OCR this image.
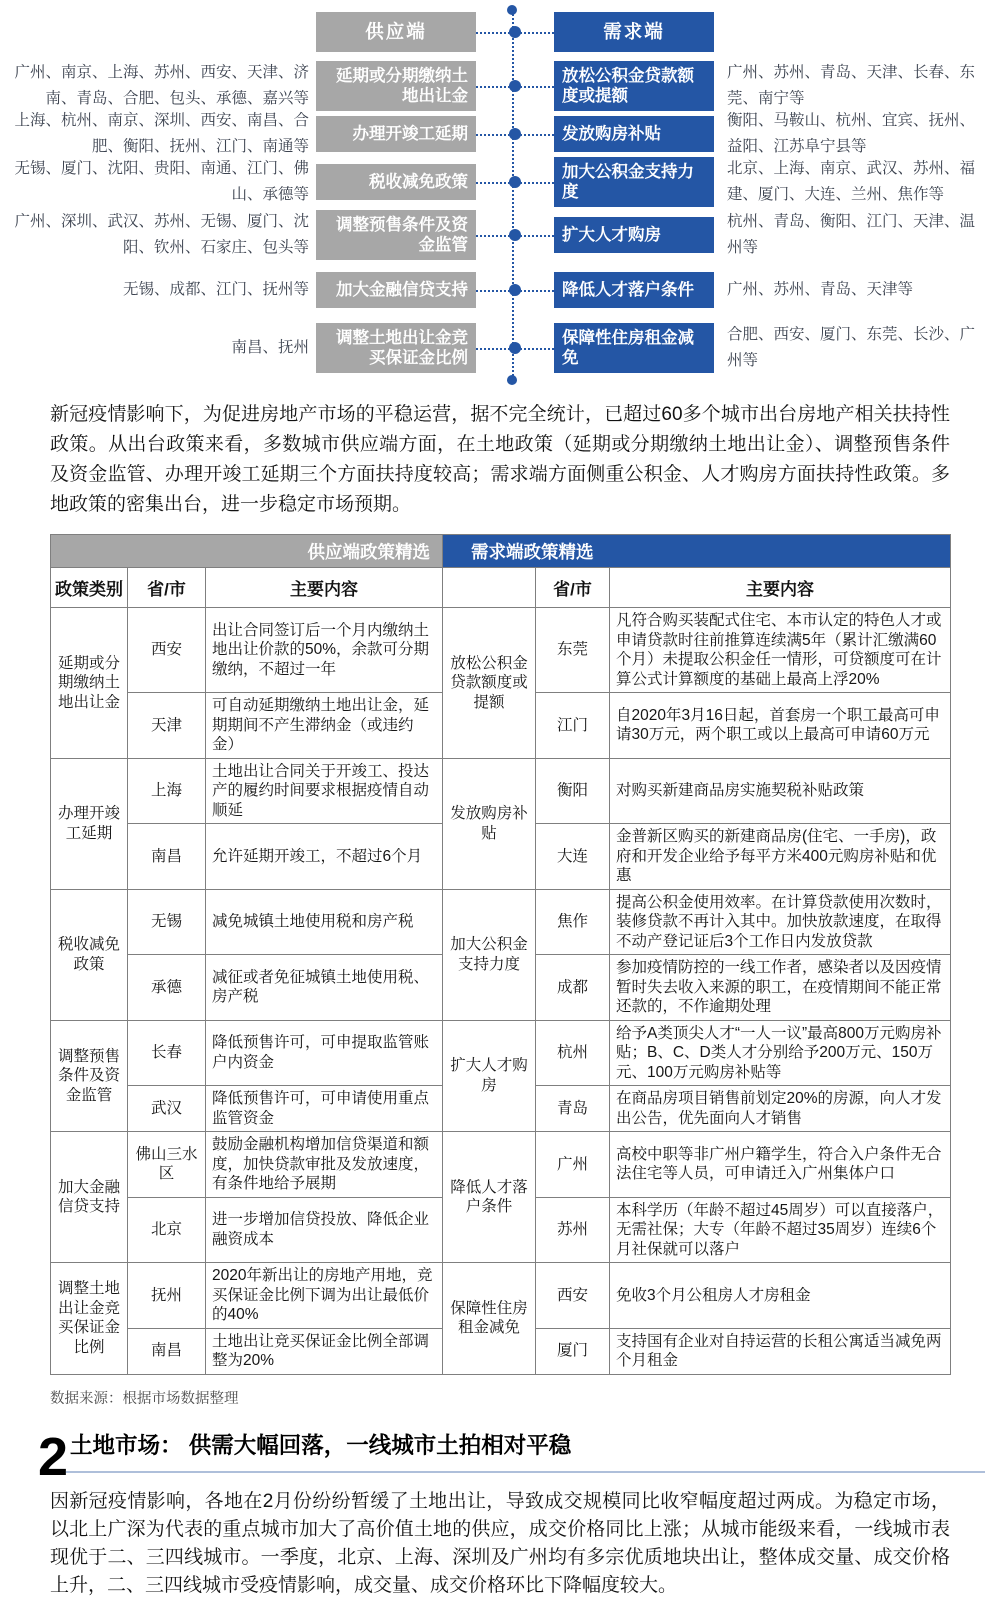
供应端	需求端
广州、南京、上海、苏州、西安、天津、济南、青岛、合肥、包头、承德、嘉兴等
延期或分期缴纳土地出让金
放松公积金贷款额度或提额
广州、苏州、青岛、天津、长春、东莞、南宁等
上海、杭州、南京、深圳、西安、南昌、合肥、衡阳、抚州、江门、南通等
办理开竣工延期	发放购房补贴
衡阳、马鞍山、杭州、宜宾、抚州、益阳、江苏阜宁县等
无锡、厦门、沈阳、贵阳、南通、江门、佛山、承德等
税收减免政策
加大公积金支持力度
北京、上海、南京、武汉、苏州、福建、厦门、大连、兰州、焦作等
广州、深圳、武汉、苏州、无锡、厦门、沈阳、钦州、石家庄、包头等
调整预售条件及资金监管
扩大人才购房
杭州、青岛、衡阳、江门、天津、温州等
无锡、成都、江门、抚州等	加大金融信贷支持	降低人才落户条件	广州、苏州、青岛、天津等
南昌、抚州
调整土地出让金竞买保证金比例
保障性住房租金减免
合肥、西安、厦门、东莞、长沙、广州等

新冠疫情影响下，为促进房地产市场的平稳运营，据不完全统计，已超过60多个城市出台房地产相关扶持性政策。从出台政策来看，多数城市供应端方面，在土地政策（延期或分期缴纳土地出让金）、调整预售条件及资金监管、办理开竣工延期三个方面扶持度较高；需求端方面侧重公积金、人才购房方面扶持性政策。多地政策的密集出台，进一步稳定市场预期。

供应端政策精选			需求端政策精选		
政策类别	省/市	主要内容		省/市	主要内容
延期或分期缴纳土地出让金	西安	出让合同签订后一个月内缴纳土地出让价款的50%，余款可分期缴纳，不超过一年	放松公积金贷款额度或提额	东莞	凡符合购买装配式住宅、本市认定的特色人才或申请贷款时往前推算连续满5年（累计汇缴满60个月）未提取公积金任一情形，可贷额度可在计算公式计算额度的基础上最高上浮20%
	天津	可自动延期缴纳土地出让金，延期期间不产生滞纳金（或违约金）		江门	自2020年3月16日起，首套房一个职工最高可申请30万元，两个职工或以上最高可申请60万元
办理开竣工延期	上海	土地出让合同关于开竣工、投达产的履约时间要求根据疫情自动顺延	发放购房补贴	衡阳	对购买新建商品房实施契税补贴政策
	南昌	允许延期开竣工，不超过6个月		大连	金普新区购买的新建商品房(住宅、一手房)，政府和开发企业给予每平方米400元购房补贴和优惠
税收减免政策	无锡	减免城镇土地使用税和房产税	加大公积金支持力度	焦作	提高公积金使用效率。在计算贷款使用次数时，装修贷款不再计入其中。加快放款速度，在取得不动产登记证后3个工作日内发放贷款
	承德	减征或者免征城镇土地使用税、房产税		成都	参加疫情防控的一线工作者，感染者以及因疫情暂时失去收入来源的职工，在疫情期间不能正常还款的，不作逾期处理
调整预售条件及资金监管	长春	降低预售许可，可申提取监管账户内资金	扩大人才购房	杭州	给予A类顶尖人才“一人一议”最高800万元购房补贴；B、C、D类人才分别给予200万元、150万元、100万元购房补贴等
	武汉	降低预售许可，可申请使用重点监管资金		青岛	在商品房项目销售前划定20%的房源，向人才发出公告，优先面向人才销售
加大金融信贷支持	佛山三水区	鼓励金融机构增加信贷渠道和额度，加快贷款审批及发放速度，有条件地给予展期	降低人才落户条件	广州	高校中职等非广州户籍学生，符合入户条件无合法住宅等人员，可申请迁入广州集体户口
	北京	进一步增加信贷投放、降低企业融资成本		苏州	本科学历（年龄不超过45周岁）可以直接落户，无需社保；大专（年龄不超过35周岁）连续6个月社保就可以落户
调整土地出让金竞买保证金比例	抚州	2020年新出让的房地产用地，竞买保证金比例下调为出让最低价的40%	保障性住房租金减免	西安	免收3个月公租房人才房租金
	南昌	土地出让竞买保证金比例全部调整为20%		厦门	支持国有企业对自持运营的长租公寓适当减免两个月租金
数据来源：根据市场数据整理
2 土地市场： 供需大幅回落，一线城市土拍相对平稳

因新冠疫情影响，各地在2月份纷纷暂缓了土地出让，导致成交规模同比收窄幅度超过两成。为稳定市场，以北上广深为代表的重点城市加大了高价值土地的供应，成交价格同比上涨；从城市能级来看，一线城市表现优于二、三四线城市。一季度，北京、上海、深圳及广州均有多宗优质地块出让，整体成交量、成交价格上升，二、三四线城市受疫情影响，成交量、成交价格环比下降幅度较大。
